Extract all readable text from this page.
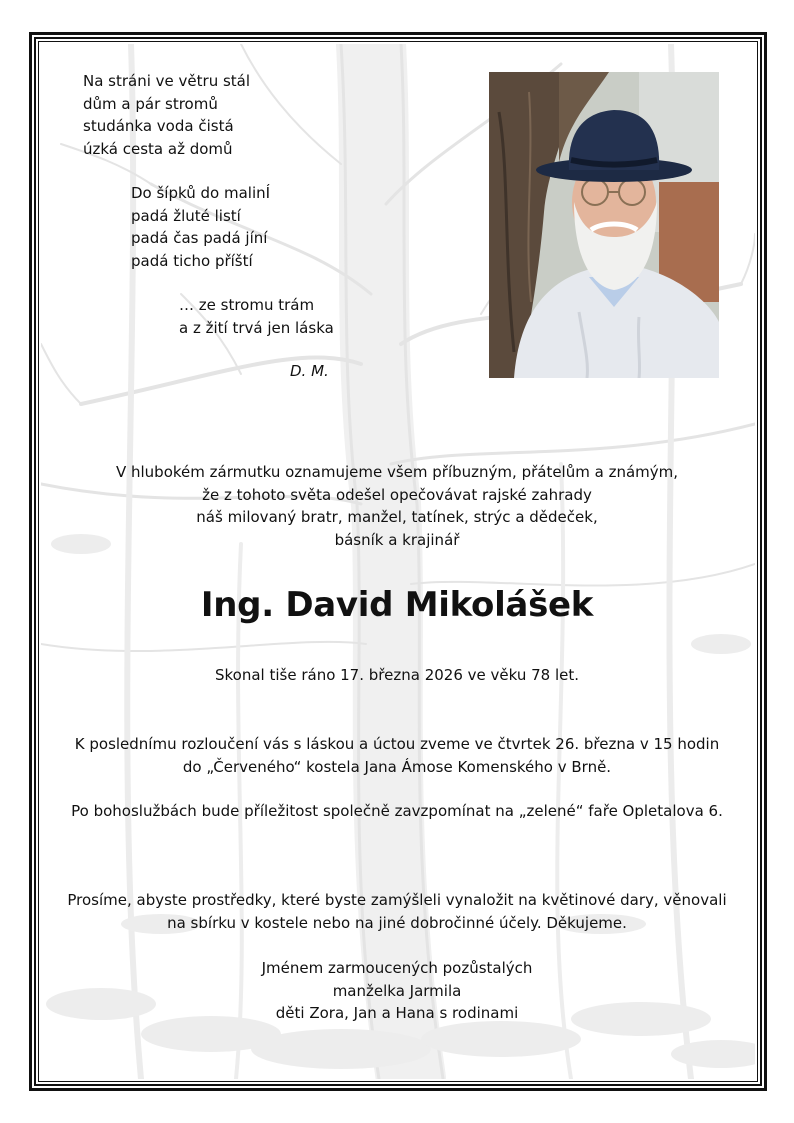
Na stráni ve větru stál

dům a pár stromů

studánka voda čistá

úzká cesta až domů

Do šípků do malinÍ

padá žluté listí

padá čas padá jíní

padá ticho příští

… ze stromu trám

a z žití trvá jen láska

D. M.

V hlubokém zármutku oznamujeme všem příbuzným, přátelům a známým,

že z tohoto světa odešel opečovávat rajské zahrady

náš milovaný bratr, manžel, tatínek, strýc a dědeček,

básník a krajinář

Ing. David Mikolášek

Skonal tiše ráno 17. března 2026 ve věku 78 let.

K poslednímu rozloučení vás s láskou a úctou zveme ve čtvrtek 26. března v 15 hodin

do „Červeného“ kostela Jana Ámose Komenského v Brně.

Po bohoslužbách bude příležitost společně zavzpomínat na „zelené“ faře Opletalova 6.

Prosíme, abyste prostředky, které byste zamýšleli vynaložit na květinové dary, věnovali

na sbírku v kostele nebo na jiné dobročinné účely. Děkujeme.

Jménem zarmoucených pozůstalých

manželka Jarmila

děti Zora, Jan a Hana s rodinami
